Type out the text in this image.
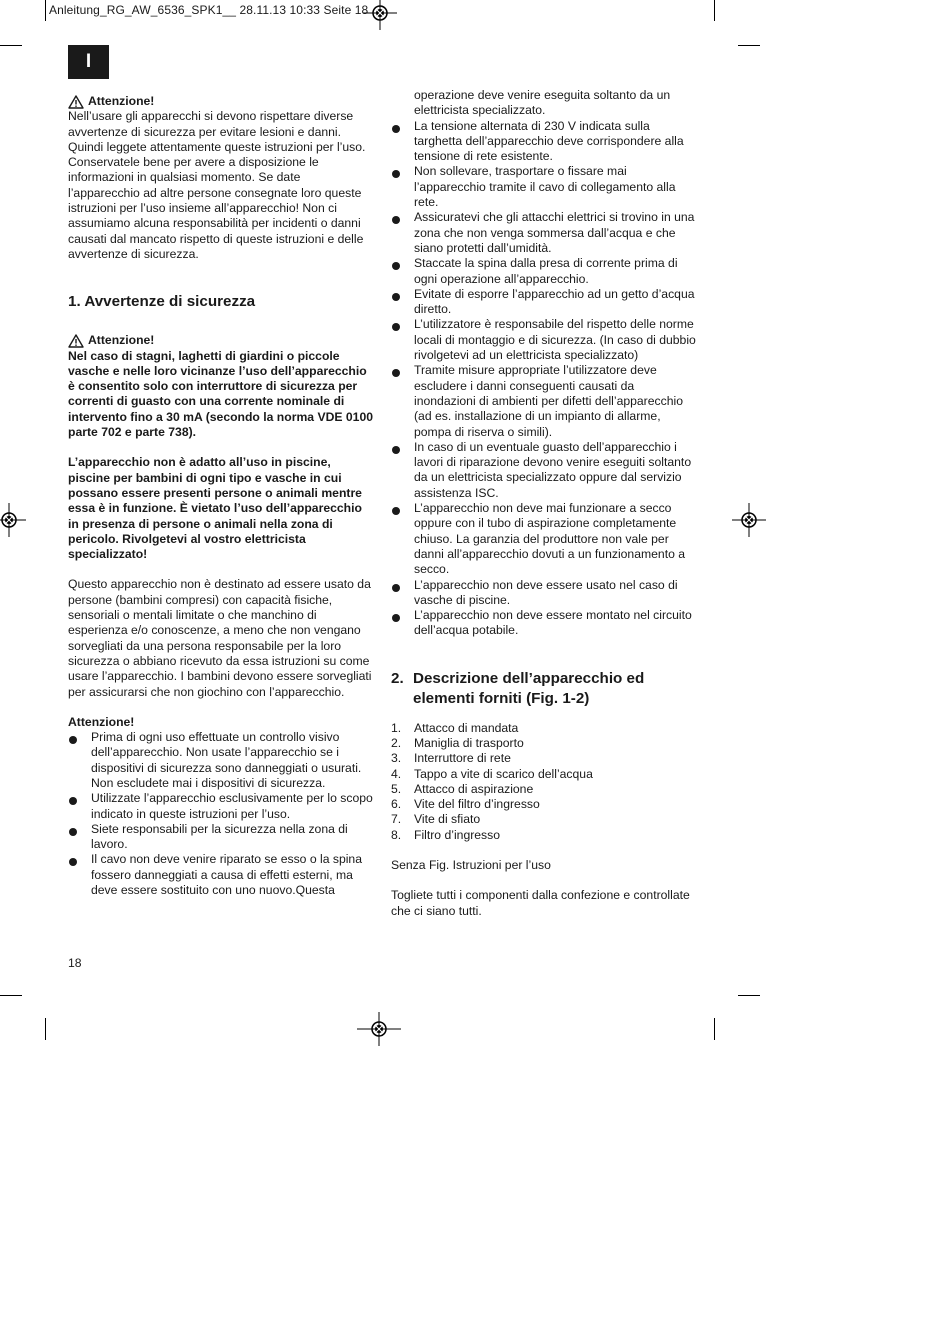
Anleitung_RG_AW_6536_SPK1__ 28.11.13 10:33 Seite 18
I
Attenzione!

Nell’usare gli apparecchi si devono rispettare diverse avvertenze di sicurezza per evitare lesioni e danni. Quindi leggete attentamente queste istruzioni per l’uso. Conservatele bene per avere a disposizione le informazioni in qualsiasi momento. Se date l’apparecchio ad altre persone consegnate loro queste istruzioni per l’uso insieme all’apparecchio! Non ci assumiamo alcuna responsabilità per incidenti o danni causati dal mancato rispetto di queste istruzioni e delle avvertenze di sicurezza.

1. Avvertenze di sicurezza
Attenzione!

Nel caso di stagni, laghetti di giardini o piccole vasche e nelle loro vicinanze l’uso dell’apparecchio è consentito solo con interruttore di sicurezza per correnti di guasto con una corrente nominale di intervento fino a 30 mA (secondo la norma VDE 0100 parte 702 e parte 738).

L’apparecchio non è adatto all’uso in piscine, piscine per bambini di ogni tipo e vasche in cui possano essere presenti persone o animali mentre essa è in funzione. È vietato l’uso dell’apparecchio in presenza di persone o animali nella zona di pericolo. Rivolgetevi al vostro elettricista specializzato!

Questo apparecchio non è destinato ad essere usato da persone (bambini compresi) con capacità fisiche, sensoriali o mentali limitate o che manchino di esperienza e/o conoscenze, a meno che non vengano sorvegliati da una persona responsabile per la loro sicurezza o abbiano ricevuto da essa istruzioni su come usare l’apparecchio. I bambini devono essere sorvegliati per assicurarsi che non giochino con l’apparecchio.

Attenzione!

Prima di ogni uso effettuate un controllo visivo dell’apparecchio. Non usate l’apparecchio se i dispositivi di sicurezza sono danneggiati o usurati. Non escludete mai i dispositivi di sicurezza.
Utilizzate l’apparecchio esclusivamente per lo scopo indicato in queste istruzioni per l’uso.
Siete responsabili per la sicurezza nella zona di lavoro.
Il cavo non deve venire riparato se esso o la spina fossero danneggiati a causa di effetti esterni, ma deve essere sostituito con uno nuovo.Questa

operazione deve venire eseguita soltanto da un elettricista specializzato.

La tensione alternata di 230 V indicata sulla targhetta dell’apparecchio deve corrispondere alla tensione di rete esistente.
Non sollevare, trasportare o fissare mai l’apparecchio tramite il cavo di collegamento alla rete.
Assicuratevi che gli attacchi elettrici si trovino in una zona che non venga sommersa dall’acqua e che siano protetti dall’umidità.
Staccate la spina dalla presa di corrente prima di ogni operazione all’apparecchio.
Evitate di esporre l’apparecchio ad un getto d’acqua diretto.
L’utilizzatore è responsabile del rispetto delle norme locali di montaggio e di sicurezza. (In caso di dubbio rivolgetevi ad un elettricista specializzato)
Tramite misure appropriate l’utilizzatore deve escludere i danni conseguenti causati da inondazioni di ambienti per difetti dell’apparecchio (ad es. installazione di un impianto di allarme, pompa di riserva o simili).
In caso di un eventuale guasto dell’apparecchio i lavori di riparazione devono venire eseguiti soltanto da un elettricista specializzato oppure dal servizio assistenza ISC.
L’apparecchio non deve mai funzionare a secco oppure con il tubo di aspirazione completamente chiuso. La garanzia del produttore non vale per danni all’apparecchio dovuti a un funzionamento a secco.
L’apparecchio non deve essere usato nel caso di vasche di piscine.
L’apparecchio non deve essere montato nel circuito dell’acqua potabile.
2. Descrizione dell’apparecchio ed elementi forniti (Fig. 1-2)
1.	Attacco di mandata
2.	Maniglia di trasporto
3.	Interruttore di rete
4.	Tappo a vite di scarico dell’acqua
5.	Attacco di aspirazione
6.	Vite del filtro d’ingresso
7.	Vite di sfiato
8.	Filtro d’ingresso

Senza Fig. Istruzioni per l’uso

Togliete tutti i componenti dalla confezione e controllate che ci siano tutti.

18
